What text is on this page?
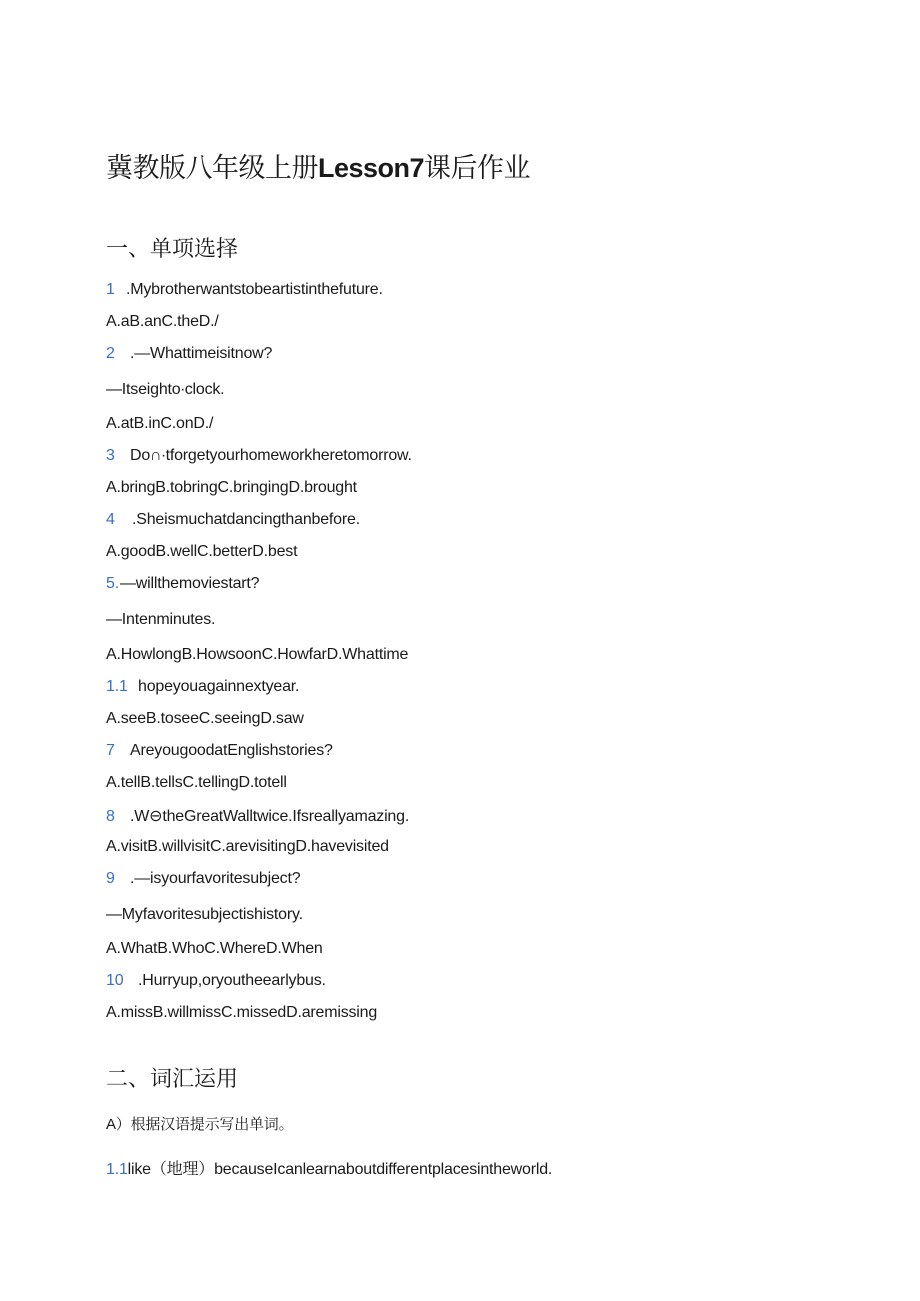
冀教版八年级上册Lesson7课后作业
一、单项选择
1 .Mybrotherwantstobeartistinthefuture.
A.aB.anC.theD./
2 .—Whattimeisitnow?
—Itseighto∙clock.
A.atB.inC.onD./
3 Do∩∙tforgetyourhomeworkheretomorrow.
A.bringB.tobringC.bringingD.brought
4 .Sheismuchatdancingthanbefore.
A.goodB.wellC.betterD.best
5.—willthemoviestart?
—Intenminutes.
A.HowlongB.HowsoonC.HowfarD.Whattime
1.1 hopeyouagainnextyear.
A.seeB.toseeC.seeingD.saw
7 AreyougoodatEnglishstories?
A.tellB.tellsC.tellingD.totell
8 .W⊖theGreatWalltwice.Ifsreallyamazing.
A.visitB.willvisitC.arevisitingD.havevisited
9 .—isyourfavoritesubject?
—Myfavoritesubjectishistory.
A.WhatB.WhoC.WhereD.When
10 .Hurryup,oryoutheearlybus.
A.missB.willmissC.missedD.aremissing
二、词汇运用
A）根据汉语提示写出单词。
1.1like（地理）becauseIcanlearnaboutdifferentplacesintheworld.
